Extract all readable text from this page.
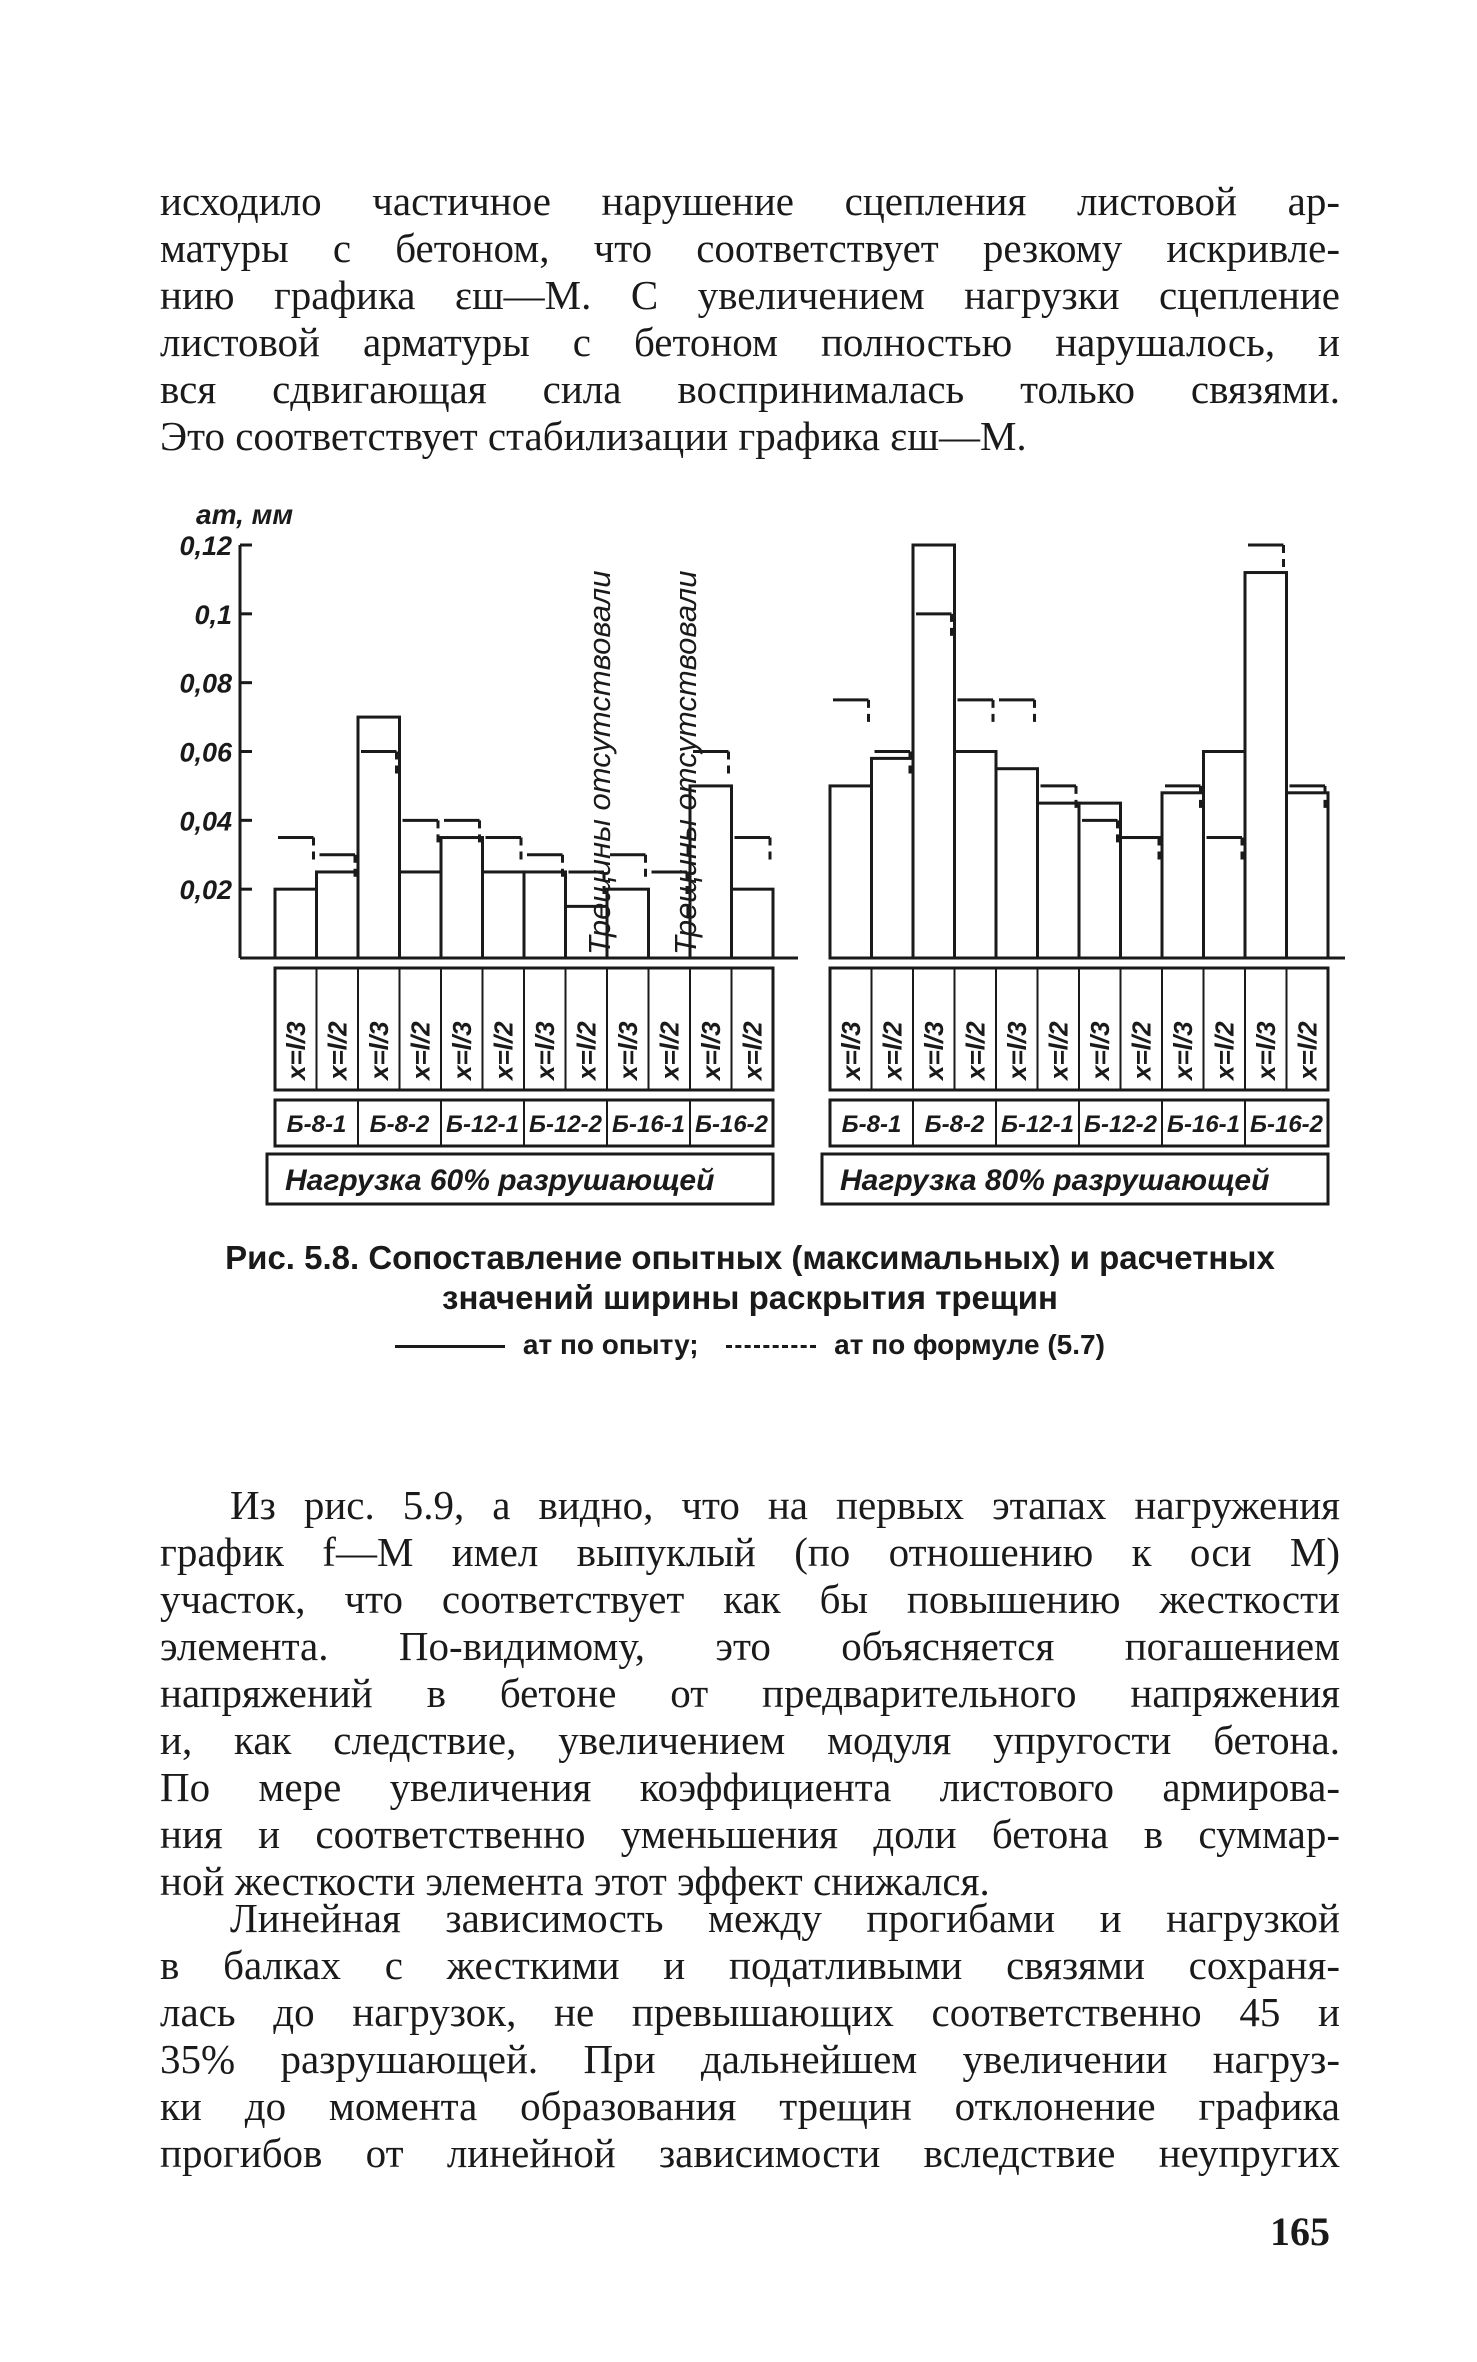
исходило частичное нарушение сцепления листовой ар-
матуры с бетоном, что соответствует резкому искривле-
нию графика εш—М. С увеличением нагрузки сцепление
листовой арматуры с бетоном полностью нарушалось, и
вся сдвигающая сила воспринималась только связями.
Это соответствует стабилизации графика εш—М.
aт, мм
0,02
0,04
0,06
0,08
0,1
0,12
x=l/3 x=l/2 x=l/3 x=l/2 x=l/3 x=l/2 x=l/3 x=l/2 x=l/3 x=l/2 x=l/3 x=l/2
Б-8-1 Б-8-2 Б-12-1 Б-12-2 Б-16-1 Б-16-2
Нагрузка 60% разрушающей
x=l/3 x=l/2 x=l/3 x=l/2 x=l/3 x=l/2 x=l/3 x=l/2 x=l/3 x=l/2 x=l/3 x=l/2
Б-8-1 Б-8-2 Б-12-1 Б-12-2 Б-16-1 Б-16-2
Нагрузка 80% разрушающей
Трещины отсутствовали Трещины отсутствовали
Рис. 5.8. Сопоставление опытных (максимальных) и расчетных значений ширины раскрытия трещин
aт по опыту;	aт по формуле (5.7)
Из рис. 5.9, а видно, что на первых этапах нагружения
график f—M имел выпуклый (по отношению к оси М)
участок, что соответствует как бы повышению жесткости
элемента. По-видимому, это объясняется погашением
напряжений в бетоне от предварительного напряжения
и, как следствие, увеличением модуля упругости бетона.
По мере увеличения коэффициента листового армирова-
ния и соответственно уменьшения доли бетона в суммар-
ной жесткости элемента этот эффект снижался.
Линейная зависимость между прогибами и нагрузкой
в балках с жесткими и податливыми связями сохраня-
лась до нагрузок, не превышающих соответственно 45 и
35% разрушающей. При дальнейшем увеличении нагруз-
ки до момента образования трещин отклонение графика
прогибов от линейной зависимости вследствие неупругих
165
